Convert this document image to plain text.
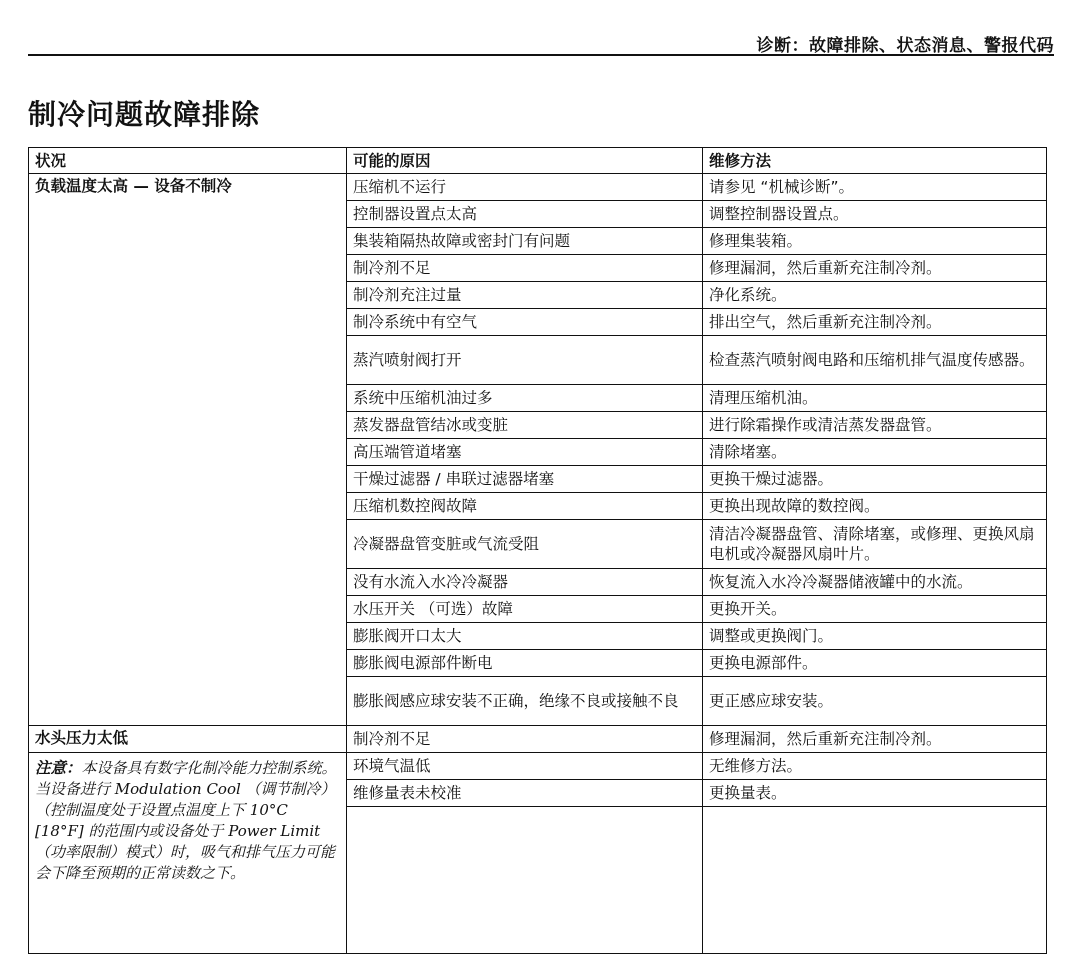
诊断：故障排除、状态消息、警报代码
制冷问题故障排除
状况	可能的原因	维修方法
负载温度太高 — 设备不制冷	压缩机不运行	请参见 “机械诊断”。
	控制器设置点太高	调整控制器设置点。
	集装箱隔热故障或密封门有问题	修理集装箱。
	制冷剂不足	修理漏洞，然后重新充注制冷剂。
	制冷剂充注过量	净化系统。
	制冷系统中有空气	排出空气，然后重新充注制冷剂。
	蒸汽喷射阀打开	检查蒸汽喷射阀电路和压缩机排气温度传感器。
	系统中压缩机油过多	清理压缩机油。
	蒸发器盘管结冰或变脏	进行除霜操作或清洁蒸发器盘管。
	高压端管道堵塞	清除堵塞。
	干燥过滤器 / 串联过滤器堵塞	更换干燥过滤器。
	压缩机数控阀故障	更换出现故障的数控阀。
	冷凝器盘管变脏或气流受阻	清洁冷凝器盘管、清除堵塞，或修理、更换风扇电机或冷凝器风扇叶片。
	没有水流入水冷冷凝器	恢复流入水冷冷凝器储液罐中的水流。
	水压开关 （可选）故障	更换开关。
	膨胀阀开口太大	调整或更换阀门。
	膨胀阀电源部件断电	更换电源部件。
	膨胀阀感应球安装不正确，绝缘不良或接触不良	更正感应球安装。
水头压力太低	制冷剂不足	修理漏洞，然后重新充注制冷剂。
注意：本设备具有数字化制冷能力控制系统。当设备进行 Modulation Cool （调节制冷）（控制温度处于设置点温度上下 10°C [18°F] 的范围内或设备处于 Power Limit （功率限制）模式）时，吸气和排气压力可能会下降至预期的正常读数之下。	环境气温低	无维修方法。
	维修量表未校准	更换量表。
